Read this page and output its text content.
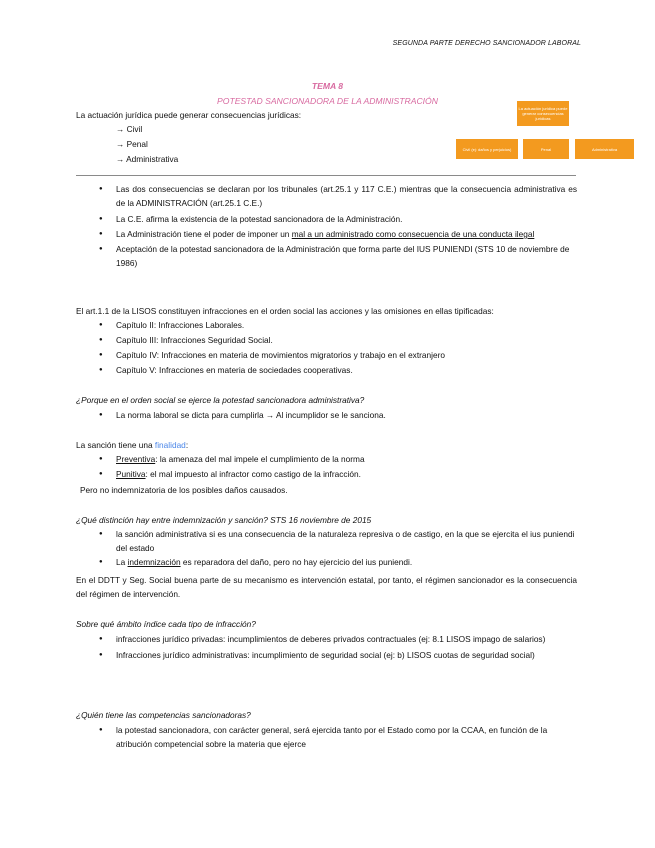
SEGUNDA PARTE DERECHO SANCIONADOR LABORAL
TEMA 8
POTESTAD SANCIONADORA DE LA ADMINISTRACIÓN
La actuación jurídica puede generar consecuencias jurídicas:
→ Civil
→ Penal
→ Administrativa
La actuación jurídica puede generar consecuencias jurídicas
Civil (ej: daños y perjuicios)	Penal	Administrativa
● Las dos consecuencias se declaran por los tribunales (art.25.1 y 117 C.E.) mientras que la consecuencia administrativa es de la ADMINISTRACIÓN (art.25.1 C.E.)
● La C.E. afirma la existencia de la potestad sancionadora de la Administración.
● La Administración tiene el poder de imponer un mal a un administrado como consecuencia de una conducta ilegal
● Aceptación de la potestad sancionadora de la Administración que forma parte del IUS PUNIENDI (STS 10 de noviembre de 1986)
El art.1.1 de la LISOS constituyen infracciones en el orden social las acciones y las omisiones en ellas tipificadas:
● Capítulo II: Infracciones Laborales.
● Capítulo III: Infracciones Seguridad Social.
● Capítulo IV: Infracciones en materia de movimientos migratorios y trabajo en el extranjero
● Capítulo V: Infracciones en materia de sociedades cooperativas.
¿Porque en el orden social se ejerce la potestad sancionadora administrativa?
● La norma laboral se dicta para cumplirla → Al incumplidor se le sanciona.
La sanción tiene una finalidad:
● Preventiva: la amenaza del mal impele el cumplimiento de la norma
● Punitiva: el mal impuesto al infractor como castigo de la infracción.
Pero no indemnizatoria de los posibles daños causados.
¿Qué distinción hay entre indemnización y sanción? STS 16 noviembre de 2015
● la sanción administrativa si es una consecuencia de la naturaleza represiva o de castigo, en la que se ejercita el ius puniendi del estado
● La indemnización es reparadora del daño, pero no hay ejercicio del ius puniendi.
En el DDTT y Seg. Social buena parte de su mecanismo es intervención estatal, por tanto, el régimen sancionador es la consecuencia del régimen de intervención.
Sobre qué ámbito índice cada tipo de infracción?
● infracciones jurídico privadas: incumplimientos de deberes privados contractuales (ej: 8.1 LISOS impago de salarios)
● Infracciones jurídico administrativas: incumplimiento de seguridad social (ej: b) LISOS cuotas de seguridad social)
¿Quién tiene las competencias sancionadoras?
● la potestad sancionadora, con carácter general, será ejercida tanto por el Estado como por la CCAA, en función de la atribución competencial sobre la materia que ejerce
